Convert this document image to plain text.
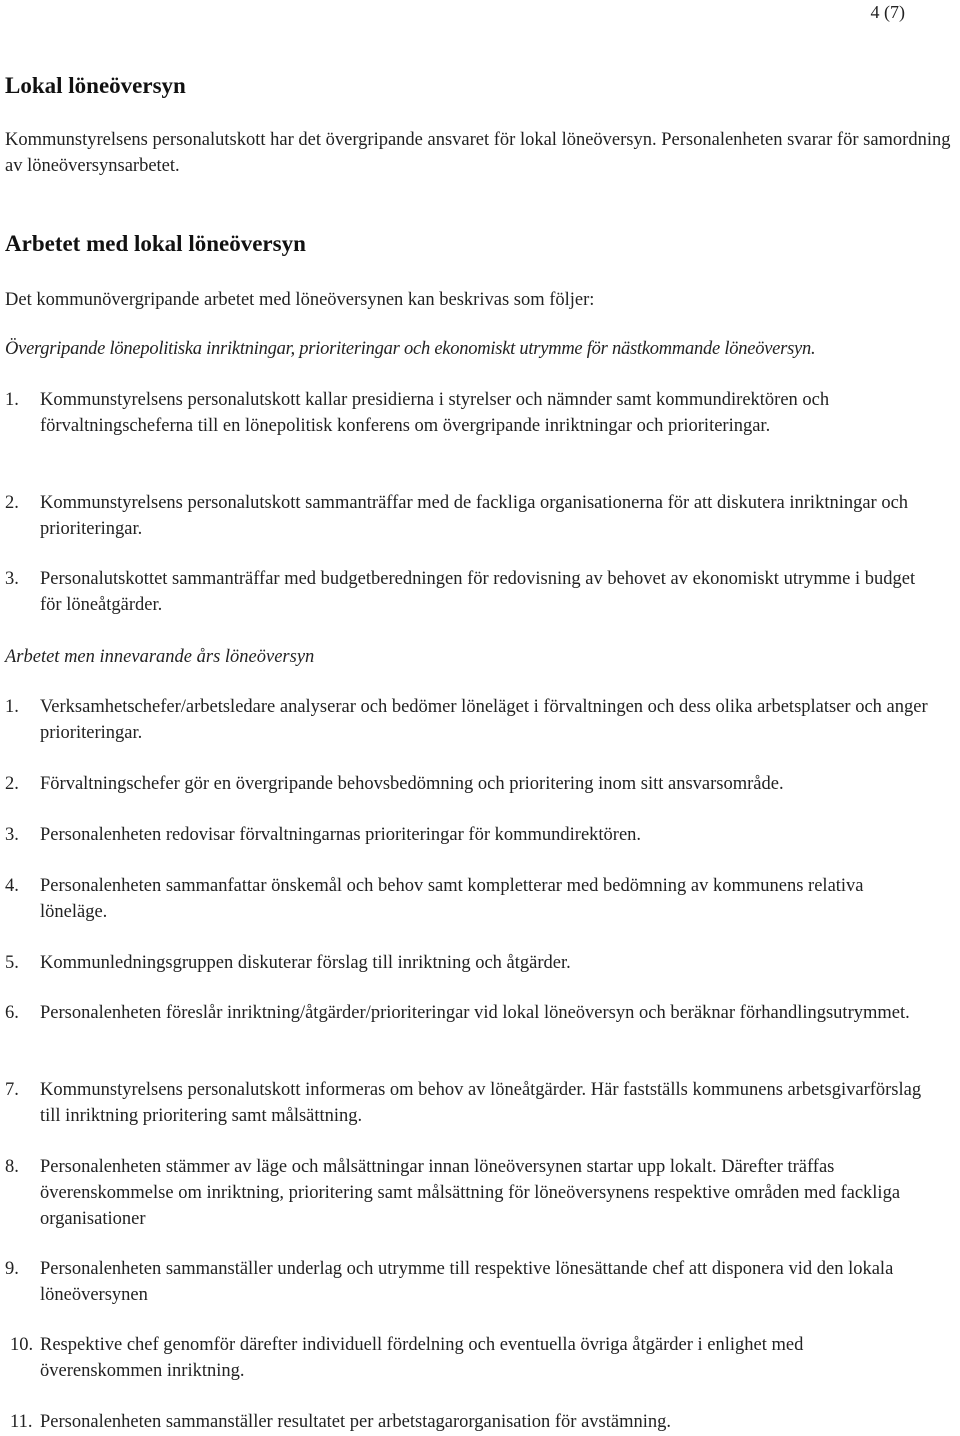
4 (7)
Lokal löneöversyn
Kommunstyrelsens personalutskott har det övergripande ansvaret för lokal löneöversyn. Personalenheten svarar för samordning av löneöversynsarbetet.
Arbetet med lokal löneöversyn
Det kommunövergripande arbetet med löneöversynen kan beskrivas som följer:
Övergripande lönepolitiska inriktningar, prioriteringar och ekonomiskt utrymme för nästkommande löneöversyn.
1. Kommunstyrelsens personalutskott kallar presidierna i styrelser och nämnder samt kommundirektören och förvaltningscheferna till en lönepolitisk konferens om övergripande inriktningar och prioriteringar.
2. Kommunstyrelsens personalutskott sammanträffar med de fackliga organisationerna för att diskutera inriktningar och prioriteringar.
3. Personalutskottet sammanträffar med budgetberedningen för redovisning av behovet av ekonomiskt utrymme i budget för löneåtgärder.
Arbetet men innevarande års löneöversyn
1. Verksamhetschefer/arbetsledare analyserar och bedömer löneläget i förvaltningen och dess olika arbetsplatser och anger prioriteringar.
2. Förvaltningschefer gör en övergripande behovsbedömning och prioritering inom sitt ansvarsområde.
3. Personalenheten redovisar förvaltningarnas prioriteringar för kommundirektören.
4. Personalenheten sammanfattar önskemål och behov samt kompletterar med bedömning av kommunens relativa löneläge.
5. Kommunledningsgruppen diskuterar förslag till inriktning och åtgärder.
6. Personalenheten föreslår inriktning/åtgärder/prioriteringar vid lokal löneöversyn och beräknar förhandlingsutrymmet.
7. Kommunstyrelsens personalutskott informeras om behov av löneåtgärder. Här fastställs kommunens arbetsgivarförslag till inriktning prioritering samt målsättning.
8. Personalenheten stämmer av läge och målsättningar innan löneöversynen startar upp lokalt. Därefter träffas överenskommelse om inriktning, prioritering samt målsättning för löneöversynens respektive områden med fackliga organisationer
9. Personalenheten sammanställer underlag och utrymme till respektive lönesättande chef att disponera vid den lokala löneöversynen
10. Respektive chef genomför därefter individuell fördelning och eventuella övriga åtgärder i enlighet med överenskommen inriktning.
11. Personalenheten sammanställer resultatet per arbetstagarorganisation för avstämning.
